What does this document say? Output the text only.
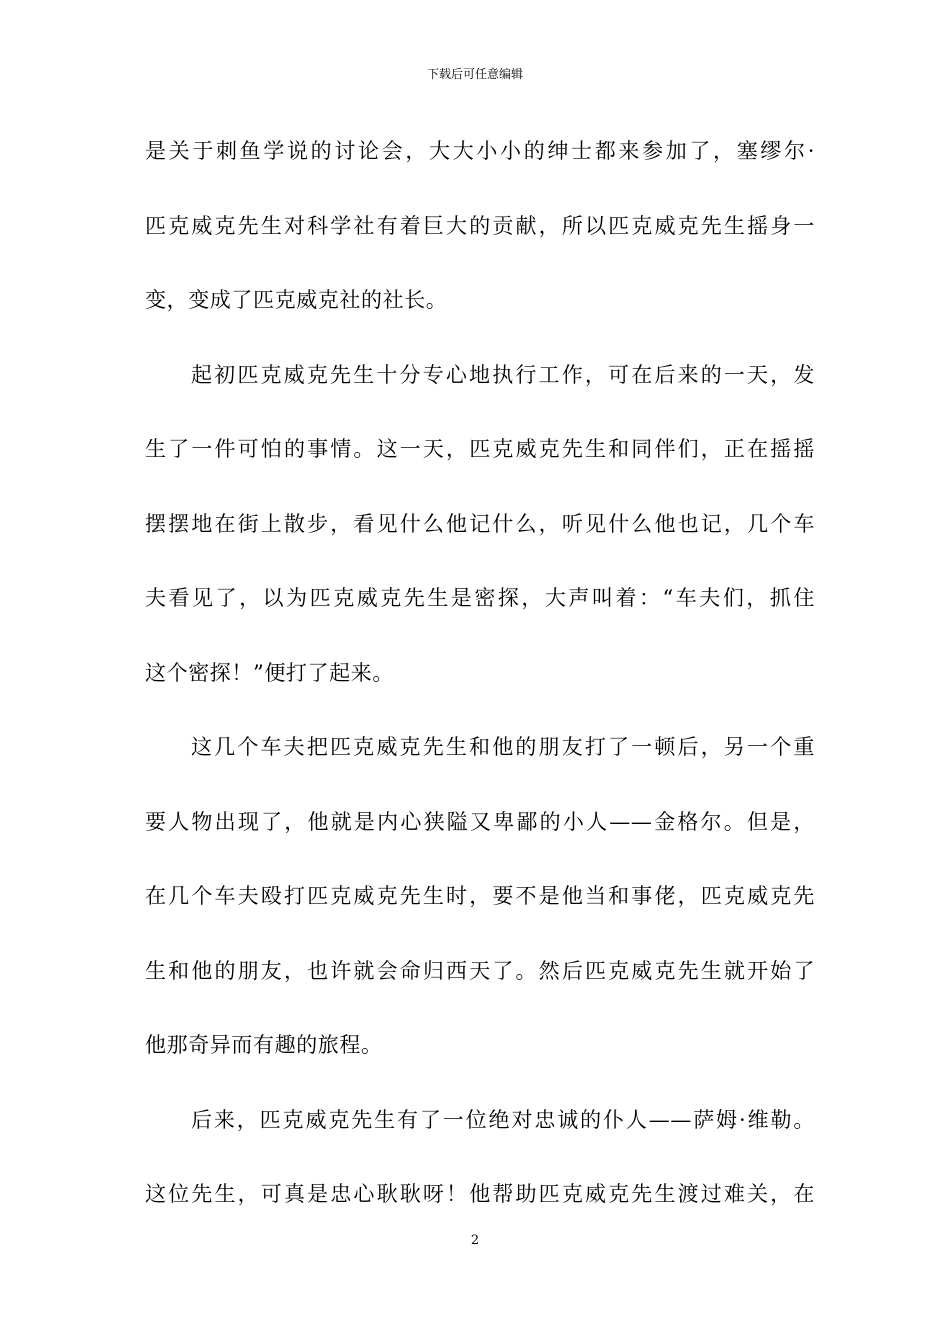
下载后可任意编辑
是关于刺鱼学说的讨论会，大大小小的绅士都来参加了，塞缪尔·
匹克威克先生对科学社有着巨大的贡献，所以匹克威克先生摇身一
变，变成了匹克威克社的社长。
起初匹克威克先生十分专心地执行工作，可在后来的一天，发
生了一件可怕的事情。这一天，匹克威克先生和同伴们，正在摇摇
摆摆地在街上散步，看见什么他记什么，听见什么他也记，几个车
夫看见了，以为匹克威克先生是密探，大声叫着：“车夫们，抓住
这个密探！”便打了起来。
这几个车夫把匹克威克先生和他的朋友打了一顿后，另一个重
要人物出现了，他就是内心狭隘又卑鄙的小人——金格尔。但是，
在几个车夫殴打匹克威克先生时，要不是他当和事佬，匹克威克先
生和他的朋友，也许就会命归西天了。然后匹克威克先生就开始了
他那奇异而有趣的旅程。
后来，匹克威克先生有了一位绝对忠诚的仆人——萨姆·维勒。
这位先生，可真是忠心耿耿呀！他帮助匹克威克先生渡过难关，在
2
